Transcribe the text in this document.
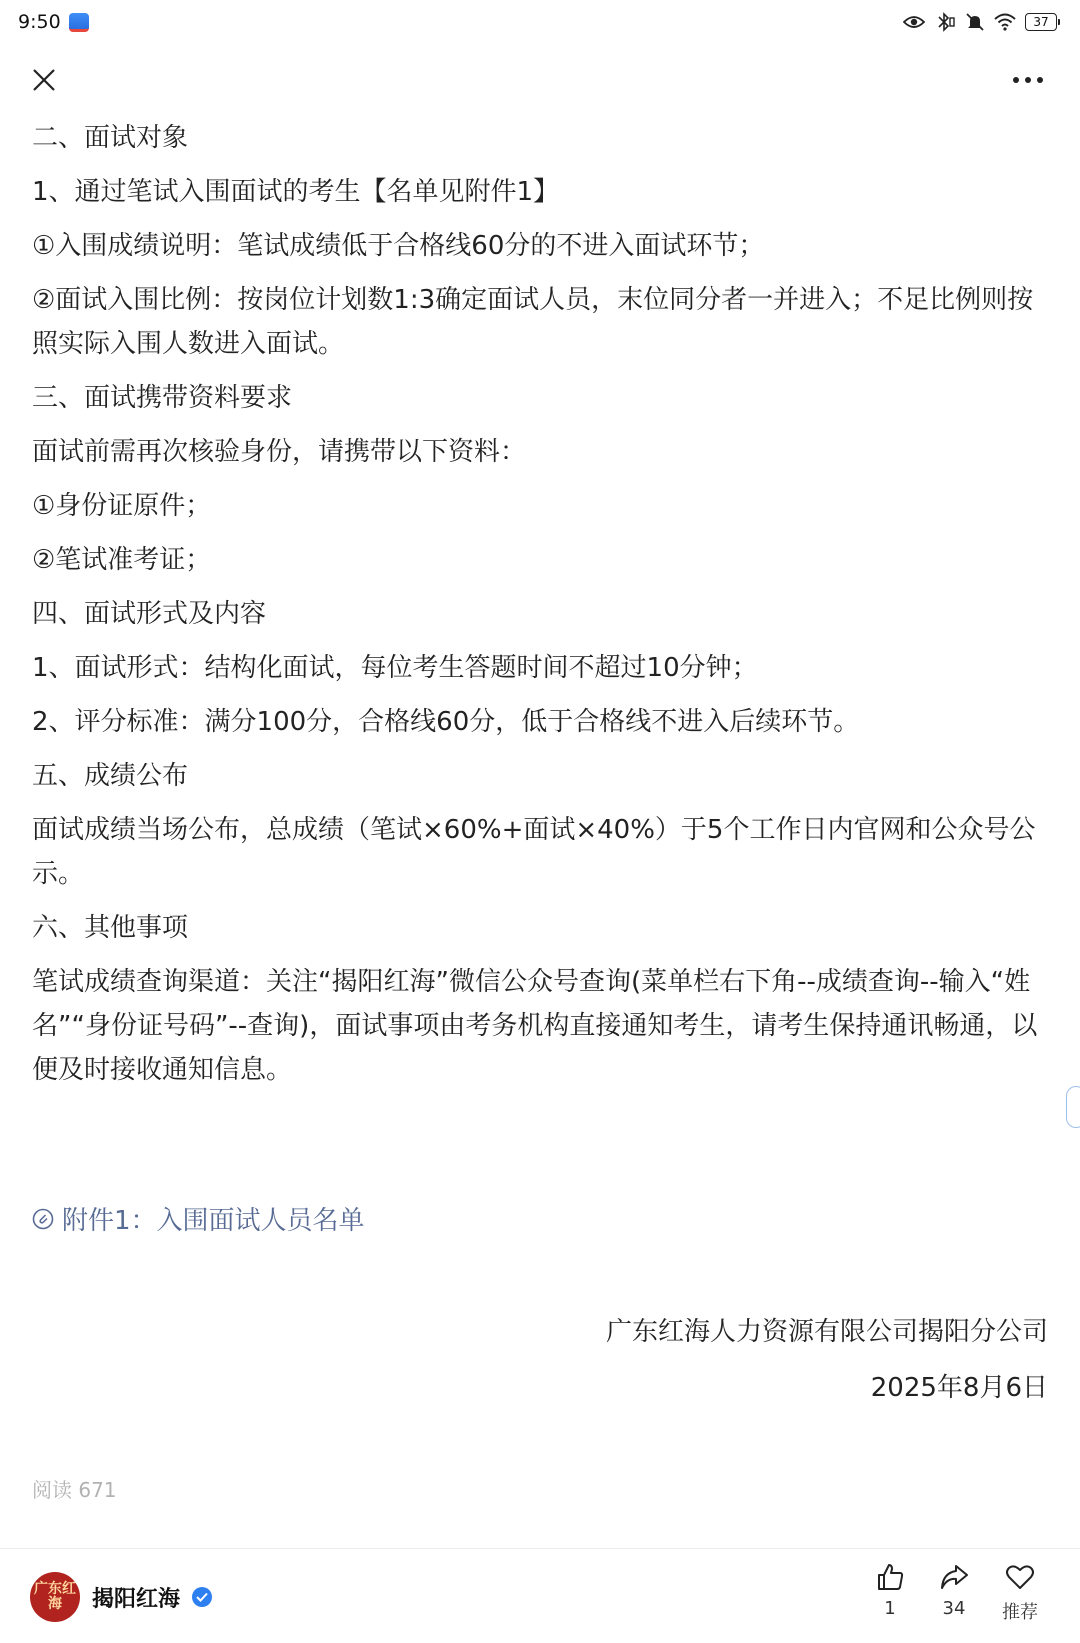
9:50	37

二、面试对象

1、通过笔试入围面试的考生【名单见附件1】

①入围成绩说明：笔试成绩低于合格线60分的不进入面试环节；

②面试入围比例：按岗位计划数1:3确定面试人员，末位同分者一并进入；不足比例则按照实际入围人数进入面试。

三、面试携带资料要求

面试前需再次核验身份，请携带以下资料：

①身份证原件；

②笔试准考证；

四、面试形式及内容

1、面试形式：结构化面试，每位考生答题时间不超过10分钟；

2、评分标准：满分100分，合格线60分，低于合格线不进入后续环节。

五、成绩公布

面试成绩当场公布，总成绩（笔试×60%+面试×40%）于5个工作日内官网和公众号公示。

六、其他事项

笔试成绩查询渠道：关注“揭阳红海”微信公众号查询(菜单栏右下角--成绩查询--输入“姓名”“身份证号码”--查询)，面试事项由考务机构直接通知考生，请考生保持通讯畅通，以便及时接收通知信息。

附件1：入围面试人员名单
广东红海人力资源有限公司揭阳分公司
2025年8月6日
阅读 671
广东红海	揭阳红海	1	34	推荐
